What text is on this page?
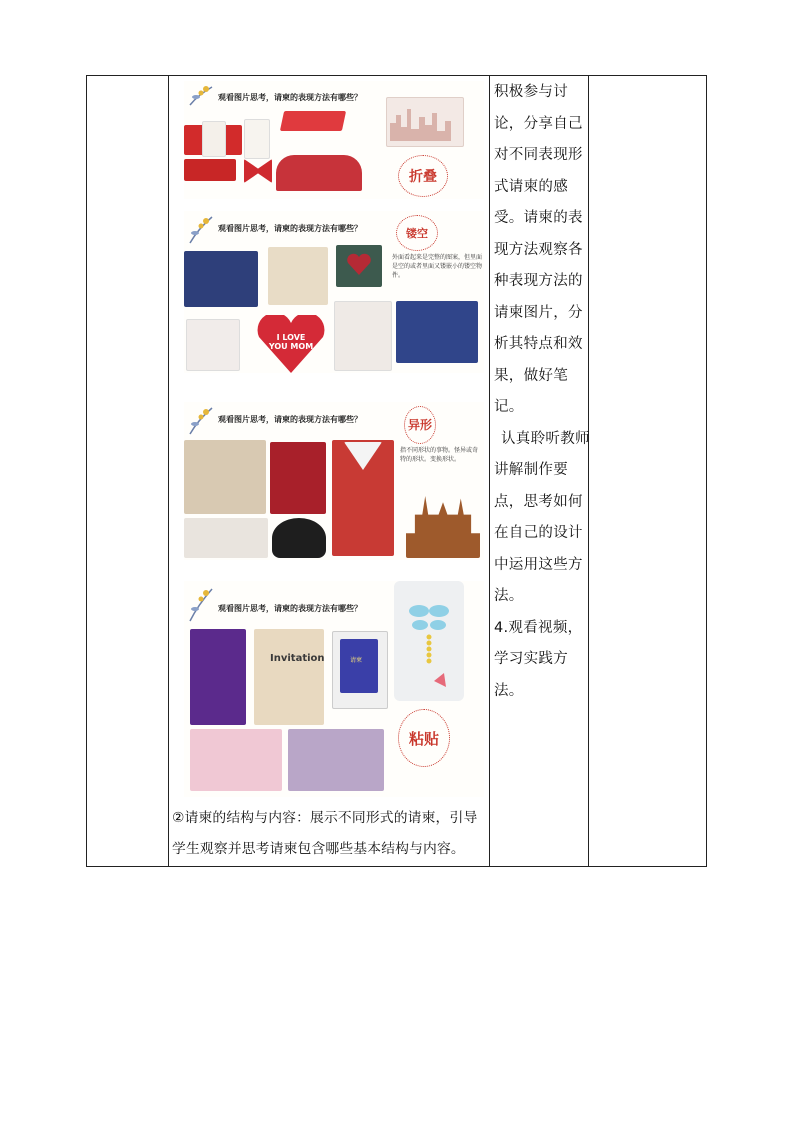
积极参与讨论，分享自己对不同表现形式请柬的感受。请柬的表现方法观察各种表现方法的请柬图片，分析其特点和效果，做好笔记。

认真聆听教师讲解制作要点，思考如何在自己的设计中运用这些方法。

4.观看视频，学习实践方法。

②请柬的结构与内容：展示不同形式的请柬，引导学生观察并思考请柬包含哪些基本结构与内容。
观看图片思考，请柬的表现方法有哪些？
折叠
观看图片思考，请柬的表现方法有哪些？	镂空
外面看起来是完整的图案，但里面是空的或者里面又镂嵌小的镂空物件。
I LOVE YOU MOM
观看图片思考，请柬的表现方法有哪些？	异形
指不同形状的事物。怪异或奇特的形状。变换形状。
观看图片思考，请柬的表现方法有哪些？
Invitation	请柬
粘贴
